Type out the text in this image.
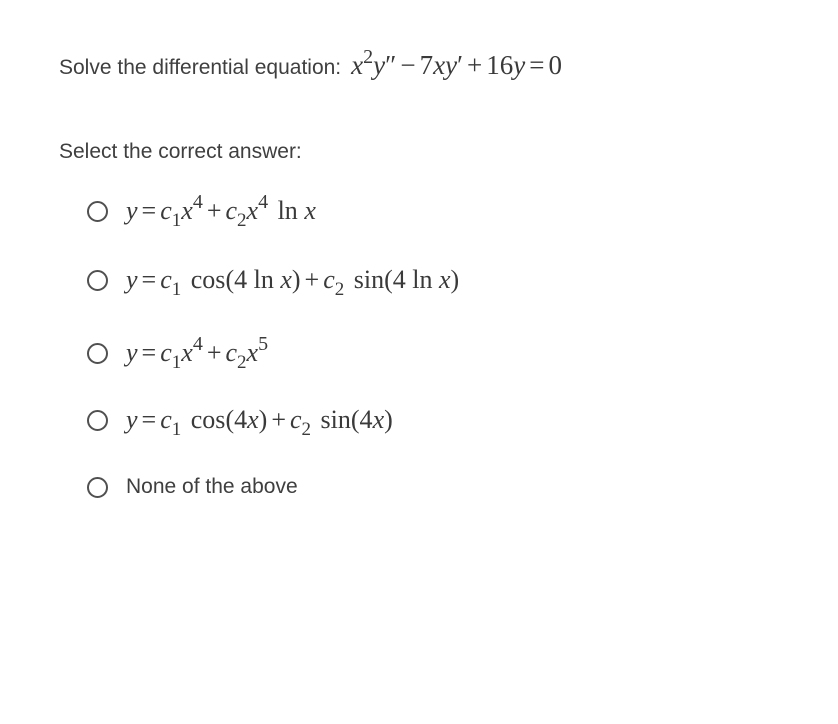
Solve the differential equation: $x^2y'' - 7xy' + 16y = 0$
Select the correct answer:
$y = c_1x^4 + c_2x^4$ ln x
$y = c_1$ cos(4 $\ln x) + c_2$ sin(4 ln x)
$y = c_1x^4 + c_2x^5$
$y = c_1$ $\cos(4x) + c_2$ sin(4x)
None of the above
